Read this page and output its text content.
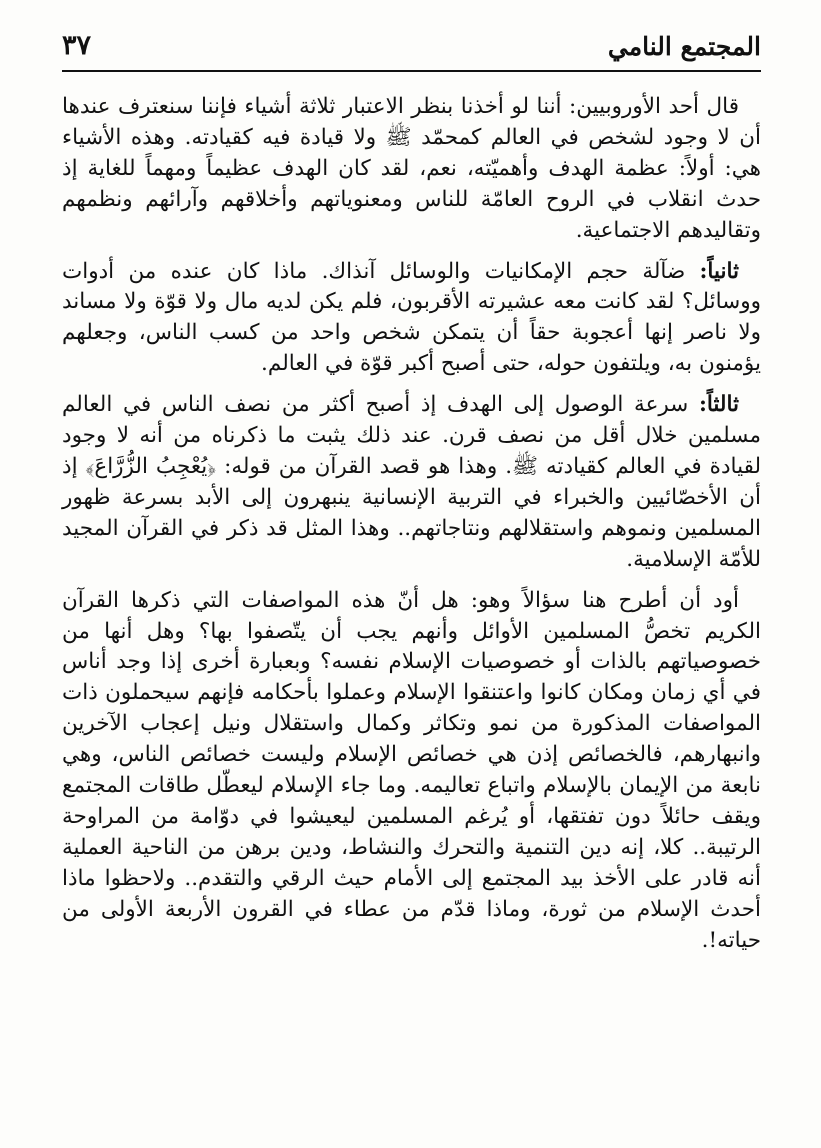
المجتمع النامي
٣٧

قال أحد الأوروبيين: أننا لو أخذنا بنظر الاعتبار ثلاثة أشياء فإننا سنعترف عندها أن لا وجود لشخص في العالم كمحمّد ﷺ ولا قيادة فيه كقيادته. وهذه الأشياء هي: أولاً: عظمة الهدف وأهميّته، نعم، لقد كان الهدف عظيماً ومهماً للغاية إذ حدث انقلاب في الروح العامّة للناس ومعنوياتهم وأخلاقهم وآرائهم ونظمهم وتقاليدهم الاجتماعية.

ثانياً: ضآلة حجم الإمكانيات والوسائل آنذاك. ماذا كان عنده من أدوات ووسائل؟ لقد كانت معه عشيرته الأقربون، فلم يكن لديه مال ولا قوّة ولا مساند ولا ناصر إنها أعجوبة حقاً أن يتمكن شخص واحد من كسب الناس، وجعلهم يؤمنون به، ويلتفون حوله، حتى أصبح أكبر قوّة في العالم.

ثالثاً: سرعة الوصول إلى الهدف إذ أصبح أكثر من نصف الناس في العالم مسلمين خلال أقل من نصف قرن. عند ذلك يثبت ما ذكرناه من أنه لا وجود لقيادة في العالم كقيادته ﷺ. وهذا هو قصد القرآن من قوله: ﴿يُعْجِبُ الزُّرَّاعَ﴾ إذ أن الأخصّائيين والخبراء في التربية الإنسانية ينبهرون إلى الأبد بسرعة ظهور المسلمين ونموهم واستقلالهم ونتاجاتهم.. وهذا المثل قد ذكر في القرآن المجيد للأمّة الإسلامية.

أود أن أطرح هنا سؤالاً وهو: هل أنّ هذه المواصفات التي ذكرها القرآن الكريم تخصُّ المسلمين الأوائل وأنهم يجب أن يتّصفوا بها؟ وهل أنها من خصوصياتهم بالذات أو خصوصيات الإسلام نفسه؟ وبعبارة أخرى إذا وجد أناس في أي زمان ومكان كانوا واعتنقوا الإسلام وعملوا بأحكامه فإنهم سيحملون ذات المواصفات المذكورة من نمو وتكاثر وكمال واستقلال ونيل إعجاب الآخرين وانبهارهم، فالخصائص إذن هي خصائص الإسلام وليست خصائص الناس، وهي نابعة من الإيمان بالإسلام واتباع تعاليمه. وما جاء الإسلام ليعطّل طاقات المجتمع ويقف حائلاً دون تفتقها، أو يُرغم المسلمين ليعيشوا في دوّامة من المراوحة الرتيبة.. كلا، إنه دين التنمية والتحرك والنشاط، ودين برهن من الناحية العملية أنه قادر على الأخذ بيد المجتمع إلى الأمام حيث الرقي والتقدم.. ولاحظوا ماذا أحدث الإسلام من ثورة، وماذا قدّم من عطاء في القرون الأربعة الأولى من حياته!.
